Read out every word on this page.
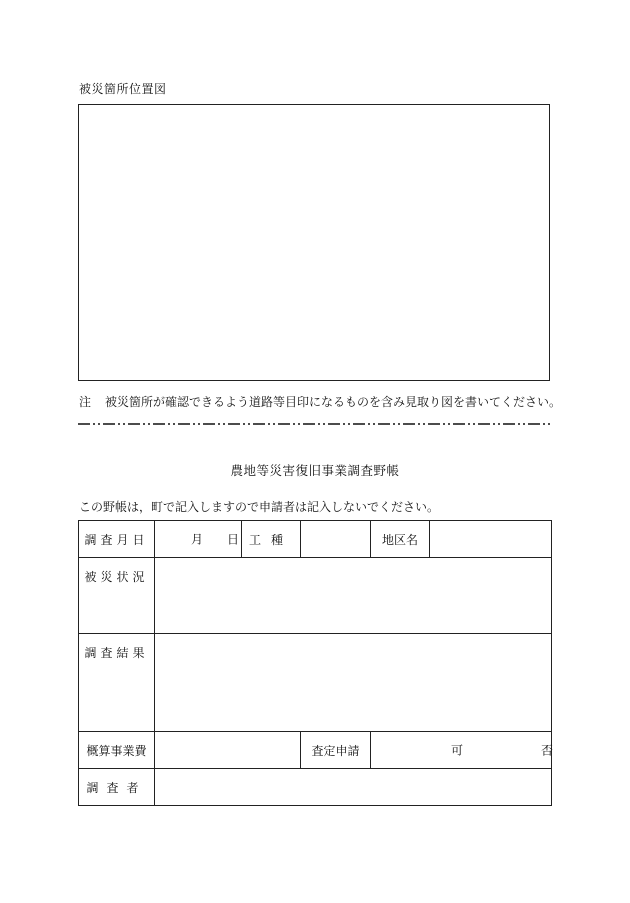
被災箇所位置図
注 被災箇所が確認できるよう道路等目印になるものを含み見取り図を書いてください。
農地等災害復旧事業調査野帳
この野帳は，町で記入しますので申請者は記入しないでください。
調査月日	月 日	工種		地区名	
被災状況					
調査結果					
概算事業費			査定申請	可 否	

調査者					
